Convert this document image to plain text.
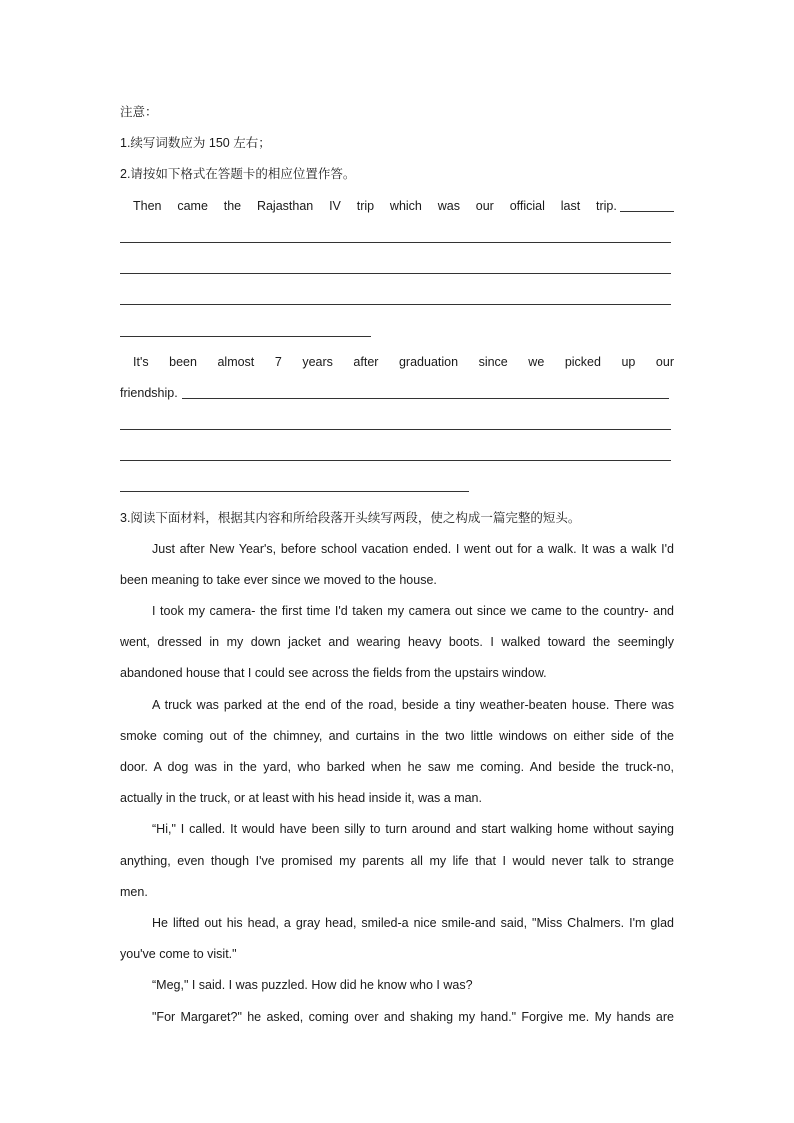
注意：
1.续写词数应为 150 左右；
2.请按如下格式在答题卡的相应位置作答。
Then came the Rajasthan IV trip which was our official last trip.
It's been almost 7 years after graduation since we picked up our
friendship.
3.阅读下面材料，根据其内容和所给段落开头续写两段，使之构成一篇完整的短头。
Just after New Year's, before school vacation ended. I went out for a walk. It was a walk I'd
been meaning to take ever since we moved to the house.
I took my camera- the first time I'd taken my camera out since we came to the country- and
went, dressed in my down jacket and wearing heavy boots. I walked toward the seemingly
abandoned house that I could see across the fields from the upstairs window.
A truck was parked at the end of the road, beside a tiny weather-beaten house. There was
smoke coming out of the chimney, and curtains in the two little windows on either side of the
door. A dog was in the yard, who barked when he saw me coming. And beside the truck-no,
actually in the truck, or at least with his head inside it, was a man.
“Hi," I called. It would have been silly to turn around and start walking home without saying
anything, even though I've promised my parents all my life that I would never talk to strange
men.
He lifted out his head, a gray head, smiled-a nice smile-and said, "Miss Chalmers. I'm glad
you've come to visit."
“Meg," I said. I was puzzled. How did he know who I was?
"For Margaret?" he asked, coming over and shaking my hand." Forgive me. My hands are
